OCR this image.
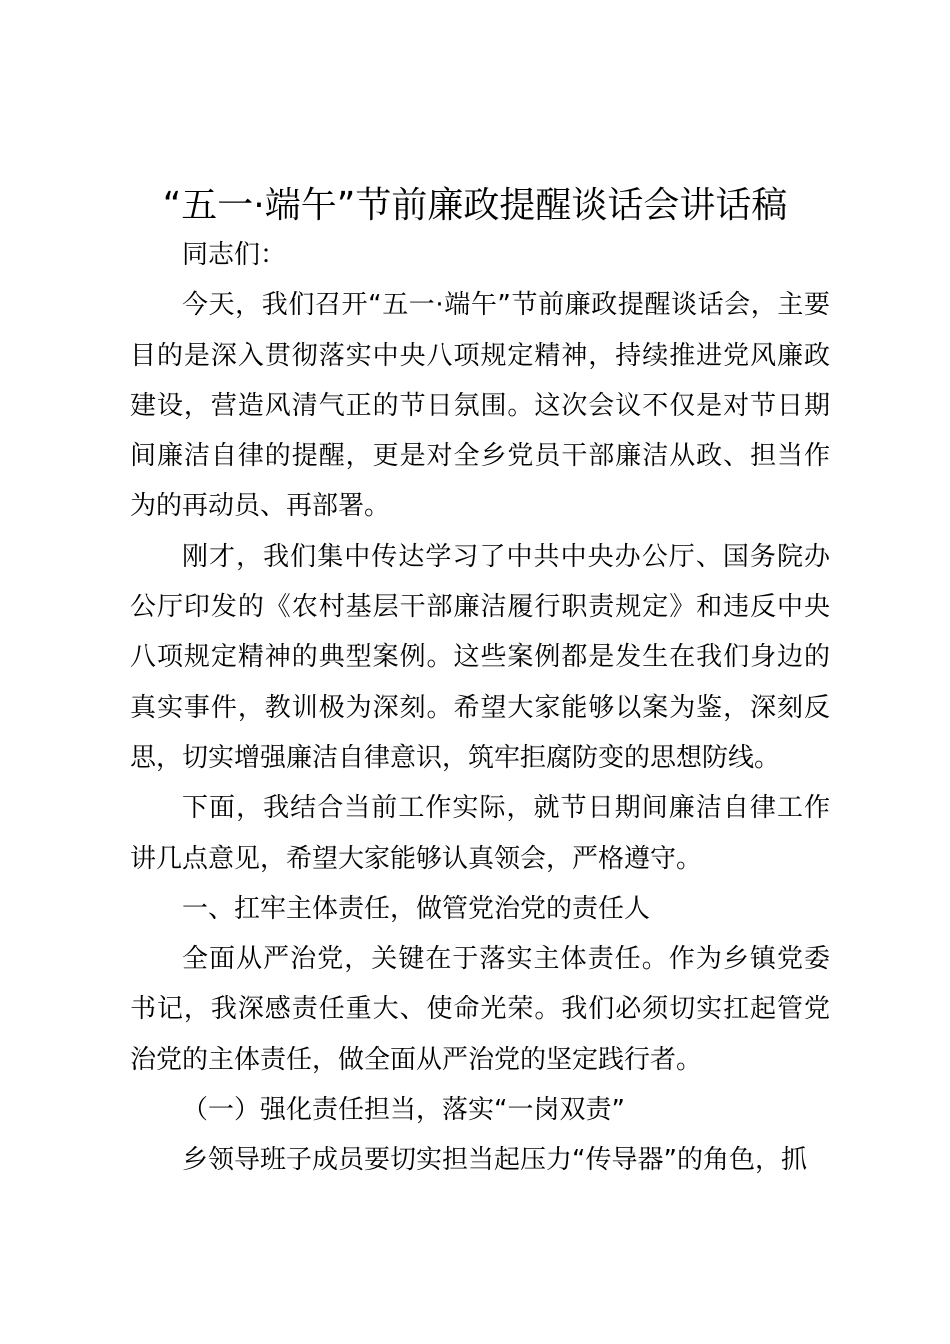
“五一·端午”节前廉政提醒谈话会讲话稿

同志们：

今天，我们召开“五一·端午”节前廉政提醒谈话会，主要目的是深入贯彻落实中央八项规定精神，持续推进党风廉政建设，营造风清气正的节日氛围。这次会议不仅是对节日期间廉洁自律的提醒，更是对全乡党员干部廉洁从政、担当作为的再动员、再部署。

刚才，我们集中传达学习了中共中央办公厅、国务院办公厅印发的《农村基层干部廉洁履行职责规定》和违反中央八项规定精神的典型案例。这些案例都是发生在我们身边的真实事件，教训极为深刻。希望大家能够以案为鉴，深刻反思，切实增强廉洁自律意识，筑牢拒腐防变的思想防线。

下面，我结合当前工作实际，就节日期间廉洁自律工作讲几点意见，希望大家能够认真领会，严格遵守。

一、扛牢主体责任，做管党治党的责任人

全面从严治党，关键在于落实主体责任。作为乡镇党委书记，我深感责任重大、使命光荣。我们必须切实扛起管党治党的主体责任，做全面从严治党的坚定践行者。

（一）强化责任担当，落实“一岗双责”

乡领导班子成员要切实担当起压力“传导器”的角色，抓
